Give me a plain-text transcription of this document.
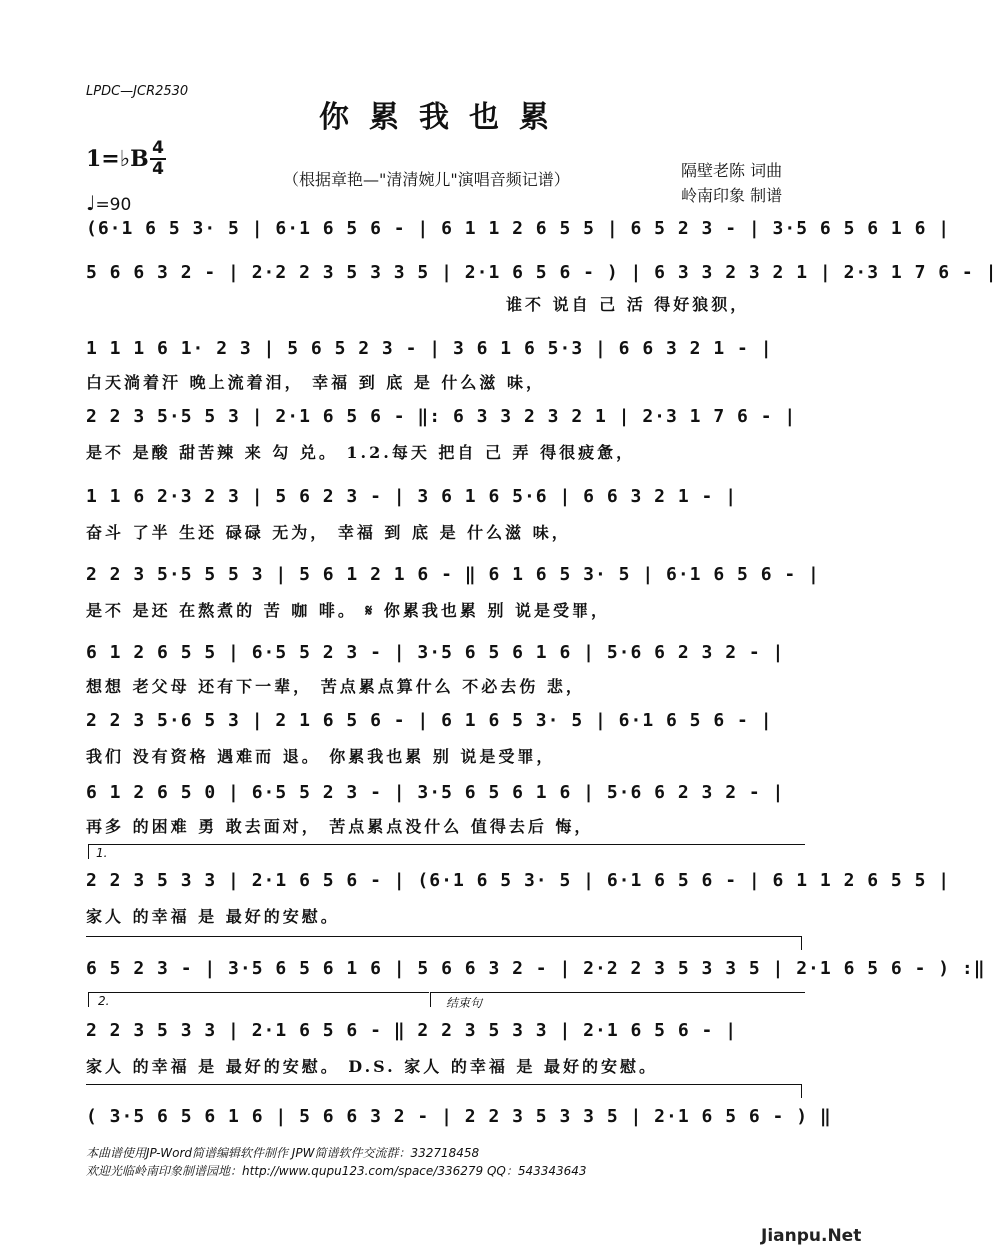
LPDC—JCR2530
你累我也累
1=♭B 4
4
（根据章艳—"清清婉儿"演唱音频记谱）	隔壁老陈 词曲
岭南印象 制谱
♩=90
(6·1 6 5 3· 5 | 6·1 6 5 6 - | 6 1 1 2 6 5 5 | 6 5 2 3 - | 3·5 6 5 6 1 6 |
5 6 6 3 2 - | 2·2 2 3 5 3 3 5 | 2·1 6 5 6 - ) | 6 3 3 2 3 2 1 | 2·3 1 7 6 - |
谁不 说自 己 活 得好狼狈，
1 1 1 6 1· 2 3 | 5 6 5 2 3 - | 3 6 1 6 5·3 | 6 6 3 2 1 - |
白天淌着汗 晚上流着泪， 幸福 到 底 是 什么滋 味，
2 2 3 5·5 5 3 | 2·1 6 5 6 - ‖: 6 3 3 2 3 2 1 | 2·3 1 7 6 - |
是不 是酸 甜苦辣 来 勾 兑。 1.2.每天 把自 己 弄 得很疲惫，
1 1 6 2·3 2 3 | 5 6 2 3 - | 3 6 1 6 5·6 | 6 6 3 2 1 - |
奋斗 了半 生还 碌碌 无为， 幸福 到 底 是 什么滋 味，
2 2 3 5·5 5 5 3 | 5 6 1 2 1 6 - ‖ 6 1 6 5 3· 5 | 6·1 6 5 6 - |
是不 是还 在熬煮的 苦 咖 啡。 𝄋 你累我也累 别 说是受罪，
6 1 2 6 5 5 | 6·5 5 2 3 - | 3·5 6 5 6 1 6 | 5·6 6 2 3 2 - |
想想 老父母 还有下一辈， 苦点累点算什么 不必去伤 悲，
2 2 3 5·6 5 3 | 2 1 6 5 6 - | 6 1 6 5 3· 5 | 6·1 6 5 6 - |
我们 没有资格 遇难而 退。 你累我也累 别 说是受罪，
6 1 2 6 5 0 | 6·5 5 2 3 - | 3·5 6 5 6 1 6 | 5·6 6 2 3 2 - |
再多 的困难 勇 敢去面对， 苦点累点没什么 值得去后 悔，
1.
2 2 3 5 3 3 | 2·1 6 5 6 - | (6·1 6 5 3· 5 | 6·1 6 5 6 - | 6 1 1 2 6 5 5 |
家人 的幸福 是 最好的安慰。
6 5 2 3 - | 3·5 6 5 6 1 6 | 5 6 6 3 2 - | 2·2 2 3 5 3 3 5 | 2·1 6 5 6 - ) :‖
2.	结束句
2 2 3 5 3 3 | 2·1 6 5 6 - ‖ 2 2 3 5 3 3 | 2·1 6 5 6 - |
家人 的幸福 是 最好的安慰。 D.S. 家人 的幸福 是 最好的安慰。
( 3·5 6 5 6 1 6 | 5 6 6 3 2 - | 2 2 3 5 3 3 5 | 2·1 6 5 6 - ) ‖
本曲谱使用JP-Word简谱编辑软件制作 JPW简谱软件交流群：332718458
欢迎光临岭南印象制谱园地：http://www.qupu123.com/space/336279 QQ：543343643
Jianpu.Net
